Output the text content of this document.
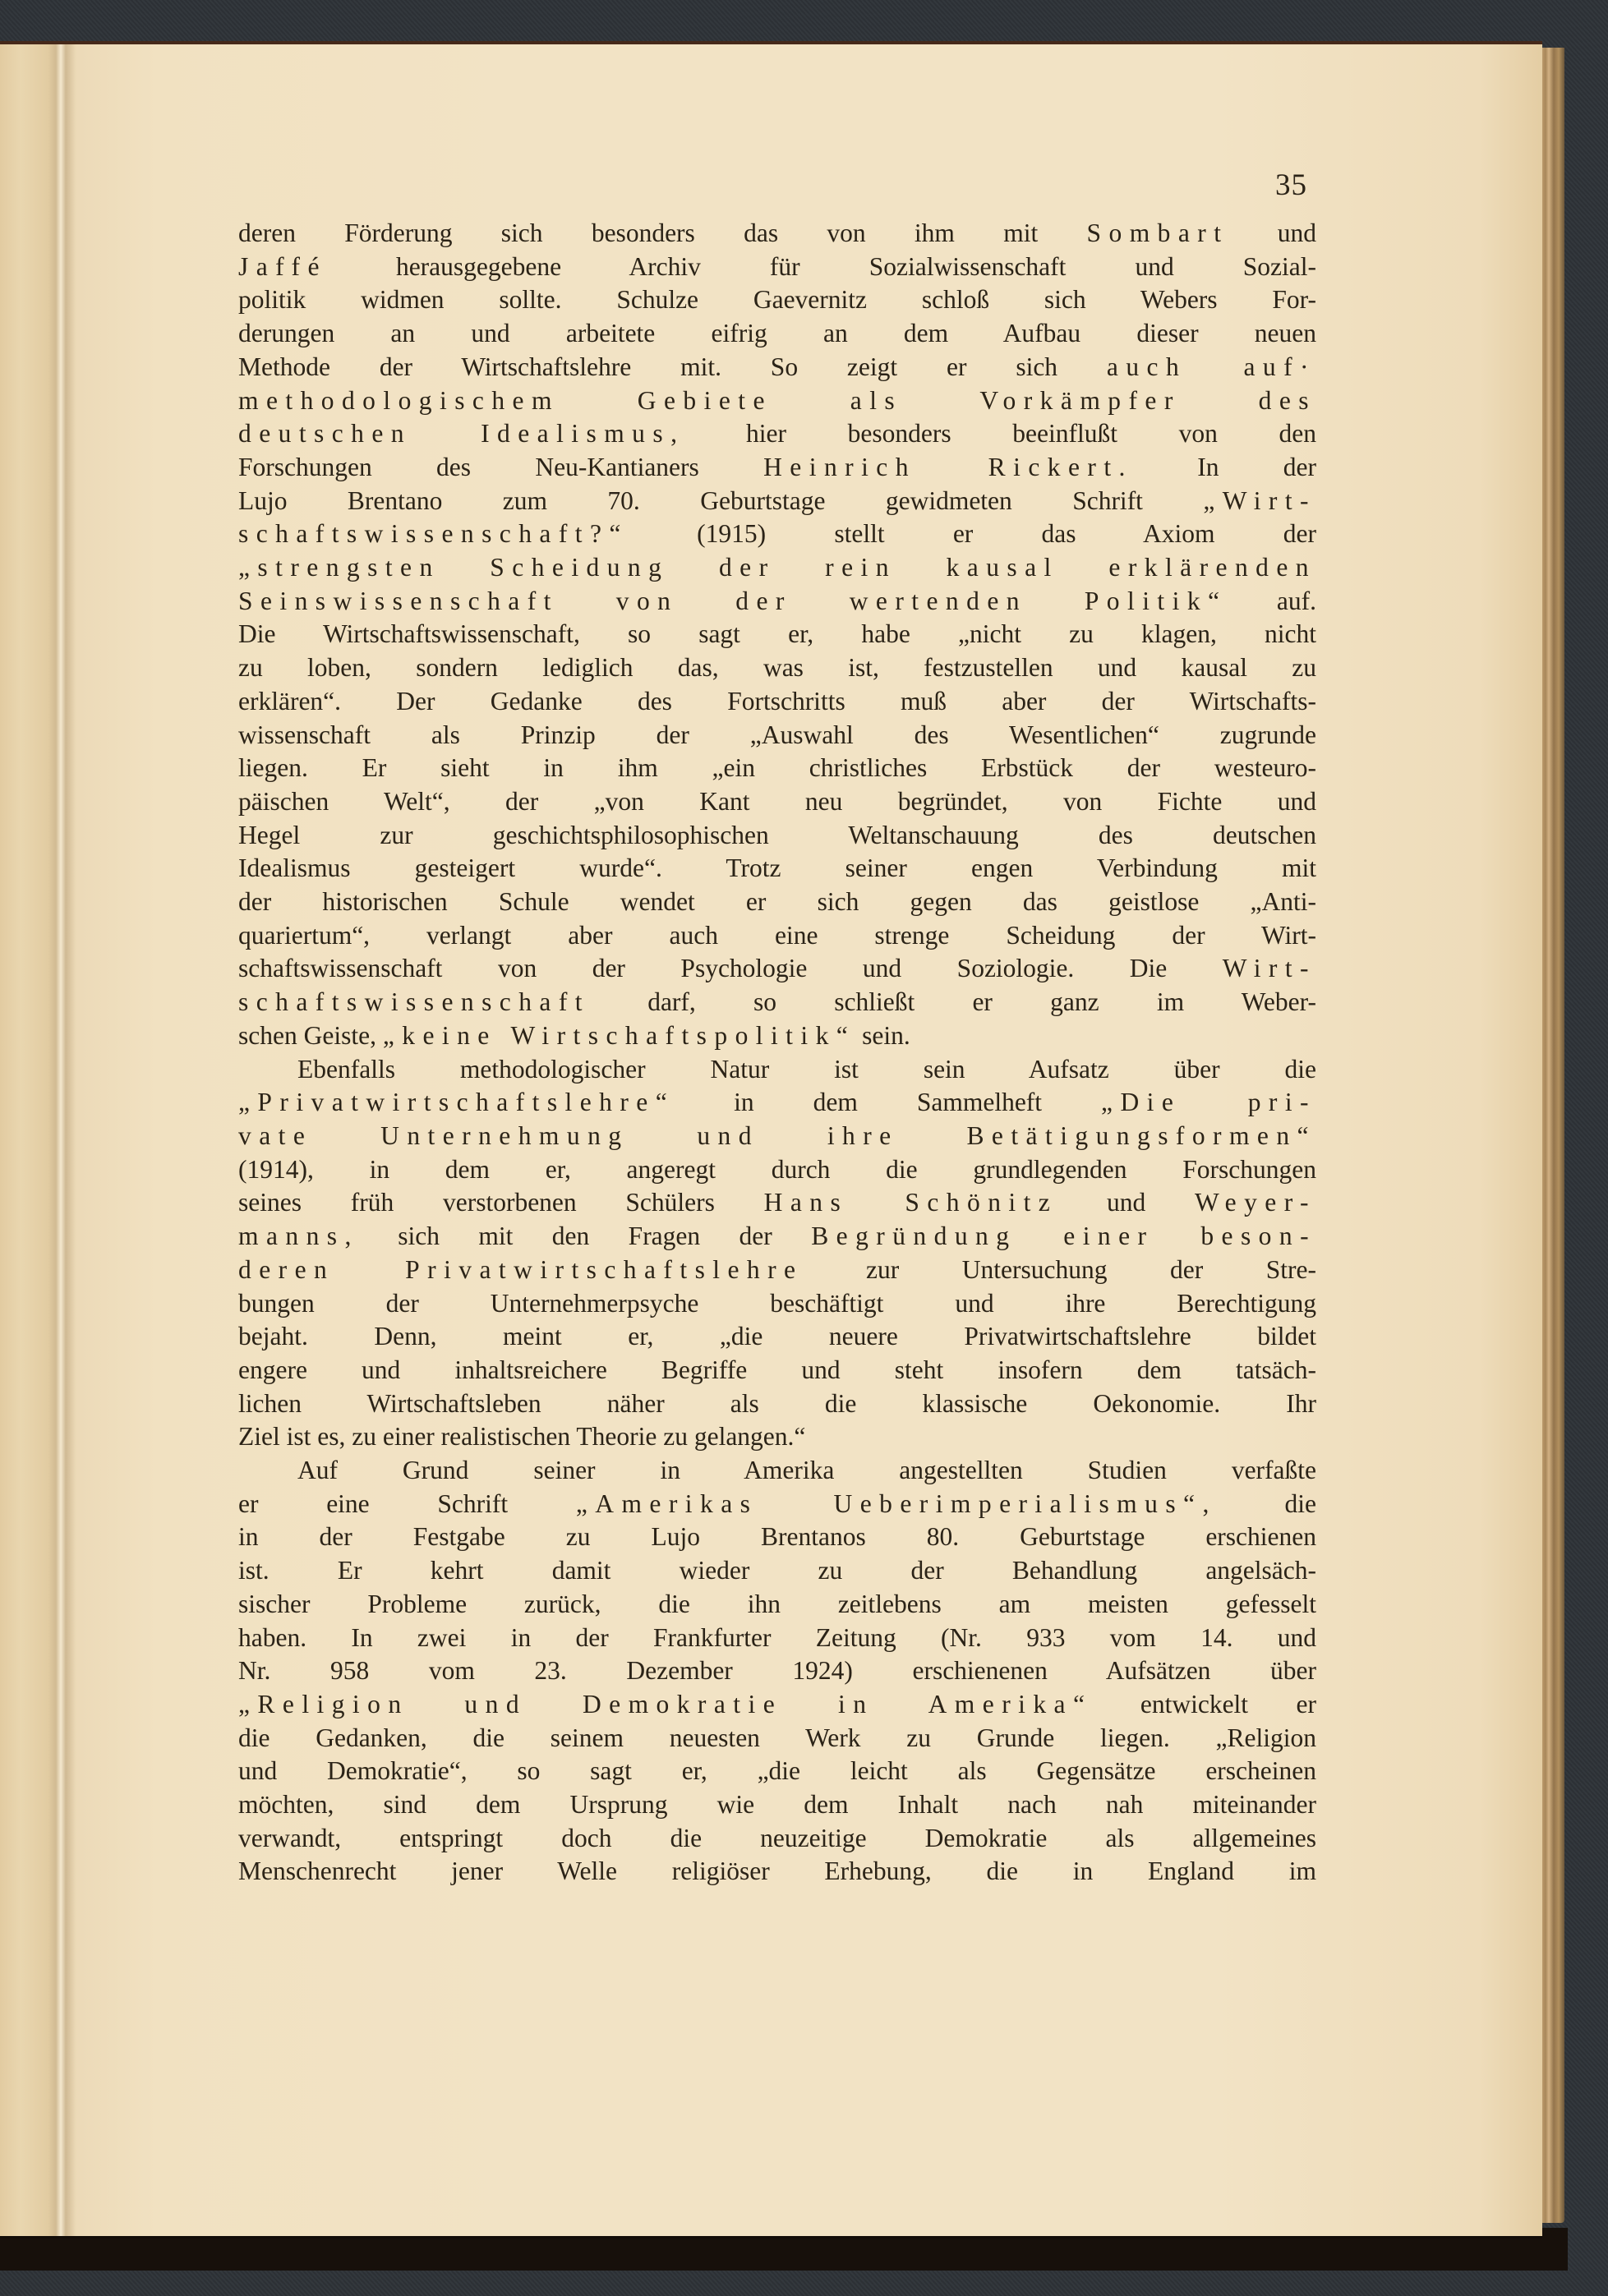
35
deren Förderung sich besonders das von ihm mit Sombart und
Jaffé herausgegebene Archiv für Sozialwissenschaft und Sozial-
politik widmen sollte. Schulze Gaevernitz schloß sich Webers For-
derungen an und arbeitete eifrig an dem Aufbau dieser neuen
Methode der Wirtschaftslehre mit. So zeigt er sich auch auf·
methodologischem Gebiete als Vorkämpfer des
deutschen Idealismus, hier besonders beeinflußt von den
Forschungen des Neu-Kantianers Heinrich Rickert. In der
Lujo Brentano zum 70. Geburtstage gewidmeten Schrift „Wirt-
schaftswissenschaft?“ (1915) stellt er das Axiom der
„strengsten Scheidung der rein kausal erklärenden
Seinswissenschaft von der wertenden Politik“ auf.
Die Wirtschaftswissenschaft, so sagt er, habe „nicht zu klagen, nicht
zu loben, sondern lediglich das, was ist, festzustellen und kausal zu
erklären“. Der Gedanke des Fortschritts muß aber der Wirtschafts-
wissenschaft als Prinzip der „Auswahl des Wesentlichen“ zugrunde
liegen. Er sieht in ihm „ein christliches Erbstück der westeuro-
päischen Welt“, der „von Kant neu begründet, von Fichte und
Hegel zur geschichtsphilosophischen Weltanschauung des deutschen
Idealismus gesteigert wurde“. Trotz seiner engen Verbindung mit
der historischen Schule wendet er sich gegen das geistlose „Anti-
quariertum“, verlangt aber auch eine strenge Scheidung der Wirt-
schaftswissenschaft von der Psychologie und Soziologie. Die Wirt-
schaftswissenschaft darf, so schließt er ganz im Weber-
schen Geiste, „keine Wirtschaftspolitik“ sein.
Ebenfalls methodologischer Natur ist sein Aufsatz über die
„Privatwirtschaftslehre“ in dem Sammelheft „Die pri-
vate Unternehmung und ihre Betätigungsformen“
(1914), in dem er, angeregt durch die grundlegenden Forschungen
seines früh verstorbenen Schülers Hans Schönitz und Weyer-
manns, sich mit den Fragen der Begründung einer beson-
deren Privatwirtschaftslehre zur Untersuchung der Stre-
bungen der Unternehmerpsyche beschäftigt und ihre Berechtigung
bejaht. Denn, meint er, „die neuere Privatwirtschaftslehre bildet
engere und inhaltsreichere Begriffe und steht insofern dem tatsäch-
lichen Wirtschaftsleben näher als die klassische Oekonomie. Ihr
Ziel ist es, zu einer realistischen Theorie zu gelangen.“
Auf Grund seiner in Amerika angestellten Studien verfaßte
er eine Schrift „Amerikas Ueberimperialismus“, die
in der Festgabe zu Lujo Brentanos 80. Geburtstage erschienen
ist. Er kehrt damit wieder zu der Behandlung angelsäch-
sischer Probleme zurück, die ihn zeitlebens am meisten gefesselt
haben. In zwei in der Frankfurter Zeitung (Nr. 933 vom 14. und
Nr. 958 vom 23. Dezember 1924) erschienenen Aufsätzen über
„Religion und Demokratie in Amerika“ entwickelt er
die Gedanken, die seinem neuesten Werk zu Grunde liegen. „Religion
und Demokratie“, so sagt er, „die leicht als Gegensätze erscheinen
möchten, sind dem Ursprung wie dem Inhalt nach nah miteinander
verwandt, entspringt doch die neuzeitige Demokratie als allgemeines
Menschenrecht jener Welle religiöser Erhebung, die in England im
